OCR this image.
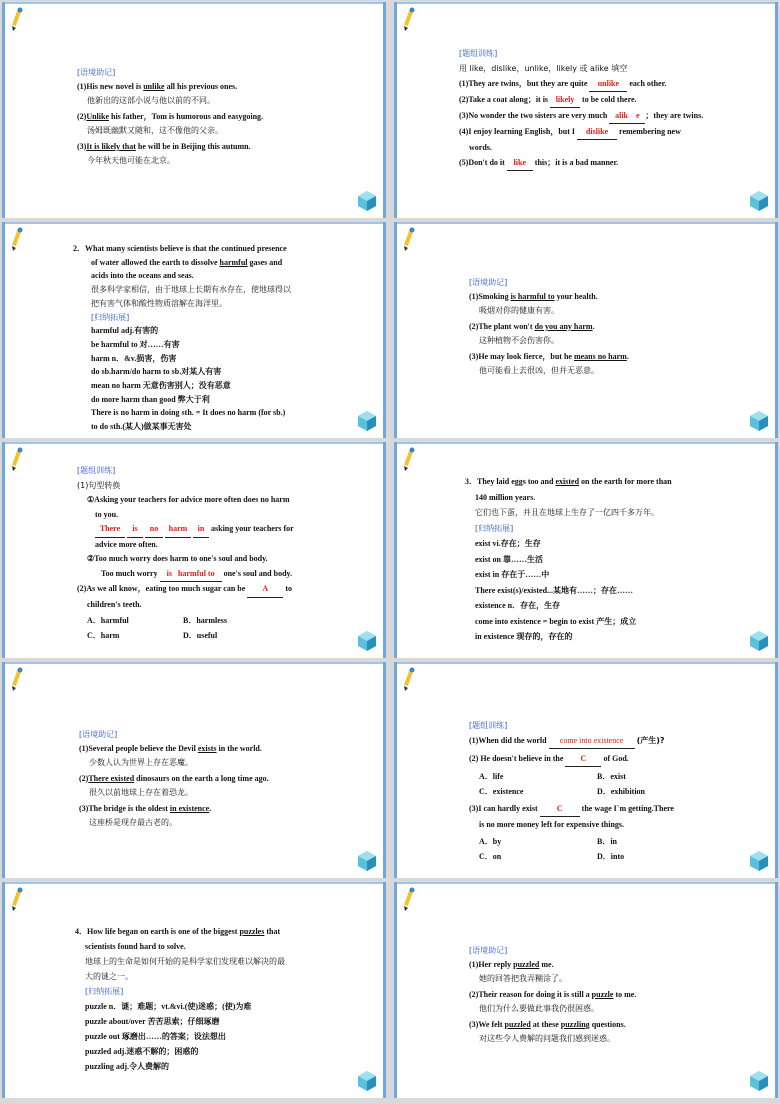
[语境助记]
(1)His new novel is unlike all his previous ones.
他新出的这部小说与他以前的不同。
(2)Unlike his father，Tom is humorous and easygoing.
汤姆既幽默又随和，这不像他的父亲。
(3)It is likely that he will be in Beijing this autumn.
今年秋天他可能在北京。
[题组训练]
用 like，dislike，unlike，likely 或 alike 填空
(1)They are twins，but they are quite unlike each other.
(2)Take a coat along；it is likely to be cold there.
(3)No wonder the two sisters are very much alik    e ；they are twins.
(4)I enjoy learning English，but I dislike remembering new
words.
(5)Don't do it like this；it is a bad manner.
2．What many scientists believe is that the continued presence
of water allowed the earth to dissolve harmful gases and
acids into the oceans and seas.
很多科学家相信，由于地球上长期有水存在，使地球得以
把有害气体和酸性物质溶解在海洋里。
[归纳拓展]
harmful adj.有害的
be harmful to 对……有害
harm n．&v.损害，伤害
do sb.harm/do harm to sb.对某人有害
mean no harm 无意伤害别人；没有恶意
do more harm than good 弊大于利
There is no harm in doing sth. = It does no harm (for sb.)
to do sth.(某人)做某事无害处
[语境助记]
(1)Smoking is harmful to your health.
吸烟对你的健康有害。
(2)The plant won't do you any harm.
这种植物不会伤害你。
(3)He may look fierce，but he means no harm.
他可能看上去很凶，但并无恶意。
[题组训练]
(1)句型转换
①Asking your teachers for advice more often does no harm
to you.
There is no harm in asking your teachers for
advice more often.
②Too much worry does harm to one's soul and body.
Too much worry is   harmful to one's soul and body.
(2)As we all know，eating too much sugar can be A to
children's teeth.
A．harmful	B．harmless
C．harm	D．useful
3．They laid eggs too and existed on the earth for more than
140 million years.
它们也下蛋，并且在地球上生存了一亿四千多万年。
[归纳拓展]
exist vi.存在；生存
exist on 靠……生活
exist in 存在于……中
There exist(s)/existed...某地有……；存在……
existence n．存在，生存
come into existence = begin to exist 产生；成立
in existence 现存的，存在的
[语境助记]
(1)Several people believe the Devil exists in the world.
少数人认为世界上存在恶魔。
(2)There existed dinosaurs on the earth a long time ago.
很久以前地球上存在着恐龙。
(3)The bridge is the oldest in existence.
这座桥是现存最古老的。
[题组训练]
(1)When did the world come into existence (产生)?
(2) He doesn't believe in the C of God.
A．life	B．exist
C．existence	D．exhibition
(3)I can hardly exist C the wage I`m getting.There
is no more money left for expensive things.
A．by	B．in
C．on	D．into
4．How life began on earth is one of the biggest puzzles that
scientists found hard to solve.
地球上的生命是如何开始的是科学家们发现难以解决的最
大的谜之一。
[归纳拓展]
puzzle n．谜；难题；vt.&vi.(使)迷惑；(使)为难
puzzle about/over 苦苦思索；仔细琢磨
puzzle out 琢磨出……的答案；设法想出
puzzled adj.迷惑不解的；困惑的
puzzling adj.令人费解的
[语境助记]
(1)Her reply puzzled me.
她的回答把我弄糊涂了。
(2)Their reason for doing it is still a puzzle to me.
他们为什么要做此事我仍很困惑。
(3)We felt puzzled at these puzzling questions.
对这些令人费解的问题我们感到迷惑。
